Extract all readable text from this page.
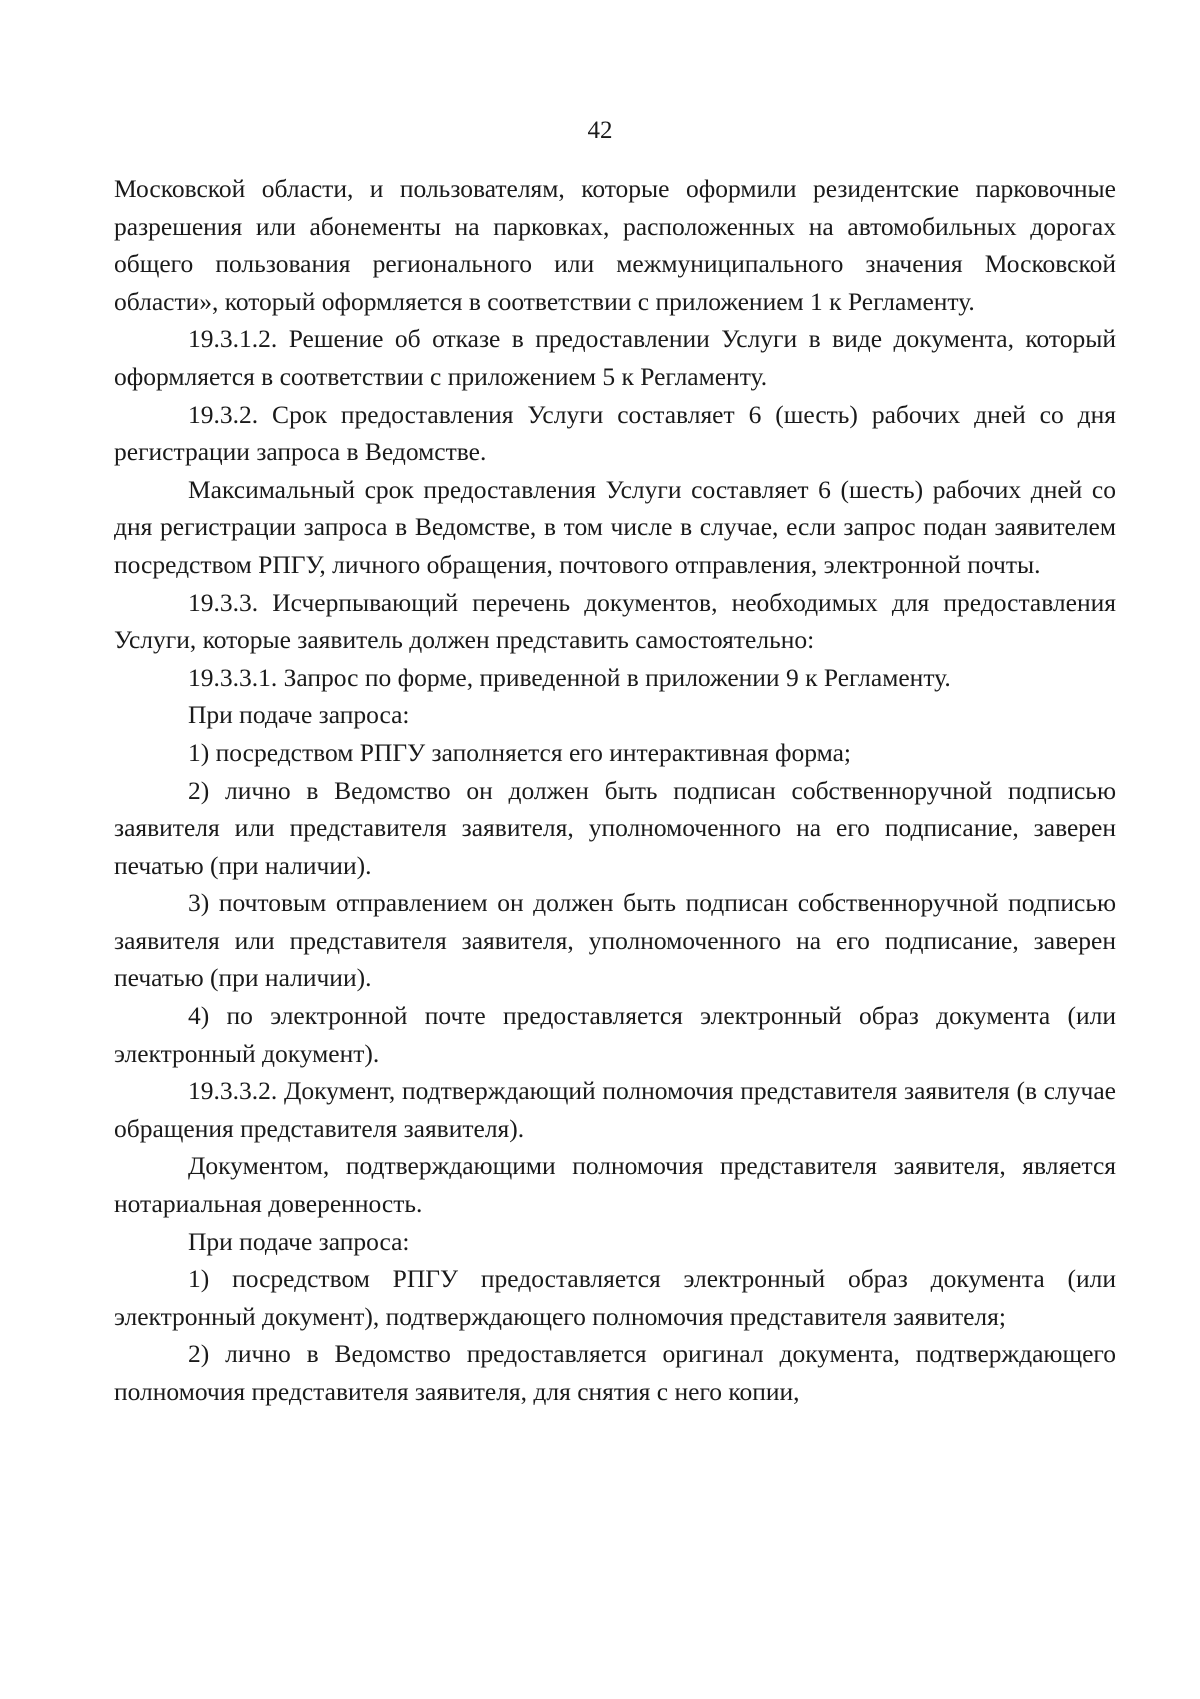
42

Московской области, и пользователям, которые оформили резидентские парковочные разрешения или абонементы на парковках, расположенных на автомобильных дорогах общего пользования регионального или межмуниципального значения Московской области», который оформляется в соответствии с приложением 1 к Регламенту.

19.3.1.2. Решение об отказе в предоставлении Услуги в виде документа, который оформляется в соответствии с приложением 5 к Регламенту.

19.3.2. Срок предоставления Услуги составляет 6 (шесть) рабочих дней со дня регистрации запроса в Ведомстве.

Максимальный срок предоставления Услуги составляет 6 (шесть) рабочих дней со дня регистрации запроса в Ведомстве, в том числе в случае, если запрос подан заявителем посредством РПГУ, личного обращения, почтового отправления, электронной почты.

19.3.3. Исчерпывающий перечень документов, необходимых для предоставления Услуги, которые заявитель должен представить самостоятельно:

19.3.3.1. Запрос по форме, приведенной в приложении 9 к Регламенту.

При подаче запроса:

1) посредством РПГУ заполняется его интерактивная форма;

2) лично в Ведомство он должен быть подписан собственноручной подписью заявителя или представителя заявителя, уполномоченного на его подписание, заверен печатью (при наличии).

3) почтовым отправлением он должен быть подписан собственноручной подписью заявителя или представителя заявителя, уполномоченного на его подписание, заверен печатью (при наличии).

4) по электронной почте предоставляется электронный образ документа (или электронный документ).

19.3.3.2. Документ, подтверждающий полномочия представителя заявителя (в случае обращения представителя заявителя).

Документом, подтверждающими полномочия представителя заявителя, является нотариальная доверенность.

При подаче запроса:

1) посредством РПГУ предоставляется электронный образ документа (или электронный документ), подтверждающего полномочия представителя заявителя;

2) лично в Ведомство предоставляется оригинал документа, подтверждающего полномочия представителя заявителя, для снятия с него копии,
